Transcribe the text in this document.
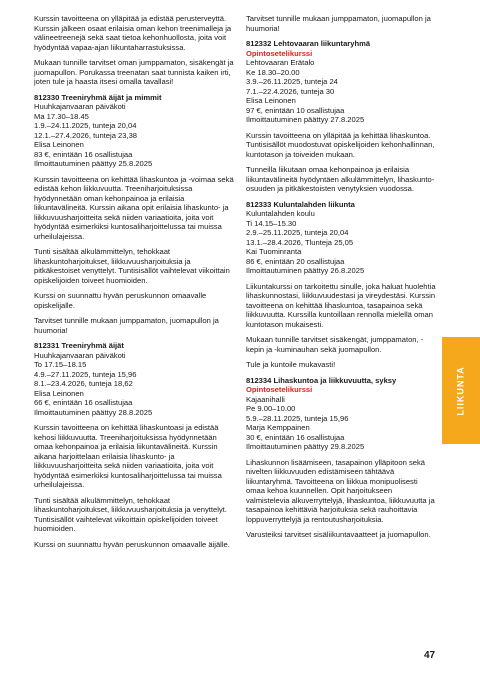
Kurssin tavoitteena on ylläpitää ja edistää perusterveyttä. Kurssin jälkeen osaat erilaisia oman kehon treenimalleja ja välineetreenejä sekä saat tietoa kehonhuollosta, joita voit hyödyntää vapaa-ajan liikuntaharrastuksissa.

Mukaan tunnille tarvitset oman jumppamaton, sisäkengät ja juomapullon. Porukassa treenatan saat tunnista kaiken irti, joten tule ja haasta itsesi omalla tavallasi!

812330 Treeniryhmä äijät ja mimmit
Huuhkajanvaaran päiväkoti
Ma 17.30–18.45
1.9.–24.11.2025, tunteja 20,04
12.1.–27.4.2026, tunteja 23,38
Elisa Leinonen
83 €, enintään 16 osallistujaa
Ilmoittautuminen päättyy 25.8.2025

Kurssin tavoitteena on kehittää lihaskuntoa ja -voimaa sekä edistää kehon liikkuvuutta. Treeniharjoituksissa hyödynnetään oman kehonpainoa ja erilaisia liikuntavälineitä. Kurssin aikana opit erilaisia lihaskunto- ja liikkuvuusharjoitteita sekä niiden variaatioita, joita voit hyödyntää esimerkiksi kuntosaliharjoittelussa tai muissa urheilulajeissa.

Tunti sisältää alkulämmittelyn, tehokkaat lihaskuntoharjoitukset, liikkuvuusharjoituksia ja pitkäkestoiset venyttelyt. Tuntisisällöt vaihtelevat viikoittain opiskelijoiden toiveet huomioiden.

Kurssi on suunnattu hyvän peruskunnon omaavalle opiskelijalle.

Tarvitset tunnille mukaan jumppamaton, juomapullon ja huumoria!

812331 Treeniryhmä äijät
Huuhkajanvaaran päiväkoti
To 17.15–18.15
4.9.–27.11.2025, tunteja 15,96
8.1.–23.4.2026, tunteja 18,62
Elisa Leinonen
66 €, enintään 16 osallistujaa
Ilmoittautuminen päättyy 28.8.2025

Kurssin tavoitteena on kehittää lihaskuntoasi ja edistää kehosi liikkuvuutta. Treeniharjoituksissa hyödynnetään omaa kehonpainoa ja erilaisia liikuntavälineitä. Kurssin aikana harjoittelaan erilaisia lihaskunto- ja liikkuvuusharjoitteita sekä niiden variaatioita, joita voit hyödyntää esimerkiksi kuntosaliharjoittelussa tai muissa urheilulajeissa.

Tunti sisältää alkulämmittelyn, tehokkaat lihaskuntoharjoitukset, liikkuvuusharjoituksia ja venyttelyt. Tuntisisällöt vaihtelevat viikoittain opiskelijoiden toiveet huomioiden.

Kurssi on suunnattu hyvän peruskunnon omaavalle äijälle.

Tarvitset tunnille mukaan jumppamaton, juomapullon ja huumoria!

812332 Lehtovaaran liikuntaryhmä
Opintosetelikurssi
Lehtovaaran Erätalo
Ke 18.30–20.00
3.9.–26.11.2025, tunteja 24
7.1.–22.4.2026, tunteja 30
Elisa Leinonen
97 €, enintään 10 osallistujaa
Ilmoittautuminen päättyy 27.8.2025

Kurssin tavoitteena on ylläpitää ja kehittää lihaskuntoa. Tuntisisällöt muodostuvat opiskelijoiden kehonhallinnan, kuntotason ja toiveiden mukaan.

Tunneilla liikutaan omaa kehonpainoa ja erilaisia liikuntavälineitä hyödyntäen alkulämmittelyn, lihaskunto-osuuden ja pitkäkestoisten venytyksien vuodossa.

812333 Kuluntalahden liikunta
Kuluntalahden koulu
Ti 14.15–15.30
2.9.–25.11.2025, tunteja 20,04
13.1.–28.4.2026, Tlunteja 25,05
Kai Tuominranta
86 €, enintään 20 osallistujaa
Ilmoittautuminen päättyy 26.8.2025

Liikuntakurssi on tarkoitettu sinulle, joka haluat huolehtia lihaskunnostasi, liikkuvuudestasi ja vireydestäsi. Kurssin tavoitteena on kehittää lihaskuntoa, tasapainoa sekä liikkuvuutta. Kurssilla kuntoillaan rennolla mielellä oman kuntotason mukaisesti.

Mukaan tunnille tarvitset sisäkengät, jumppamaton, -kepin ja -kuminauhan sekä juomapullon.

Tule ja kuntoile mukavasti!

812334 Lihaskuntoa ja liikkuvuutta, syksy
Opintosetelikurssi
Kajaanihalli
Pe 9.00–10.00
5.9.–28.11.2025, tunteja 15,96
Marja Kemppainen
30 €, enintään 16 osallistujaa
Ilmoittautuminen päättyy 29.8.2025

Lihaskunnon lisäämiseen, tasapainon ylläpitoon sekä nivelten liikkuvuuden edistämiseen tähtäävä liikuntaryhmä. Tavoitteena on liikkua monipuolisesti omaa kehoa kuunnellen. Opit harjoitukseen valmistelevia alkuverryttelyjä, lihaskuntoa, liikkuvuutta ja tasapainoa kehittäviä harjoituksia sekä rauhoittavia loppuverryttelyjä ja rentoutusharjoituksia.

Varusteiksi tarvitset sisäliikuntavaatteet ja juomapullon.

LIIKUNTA
47
